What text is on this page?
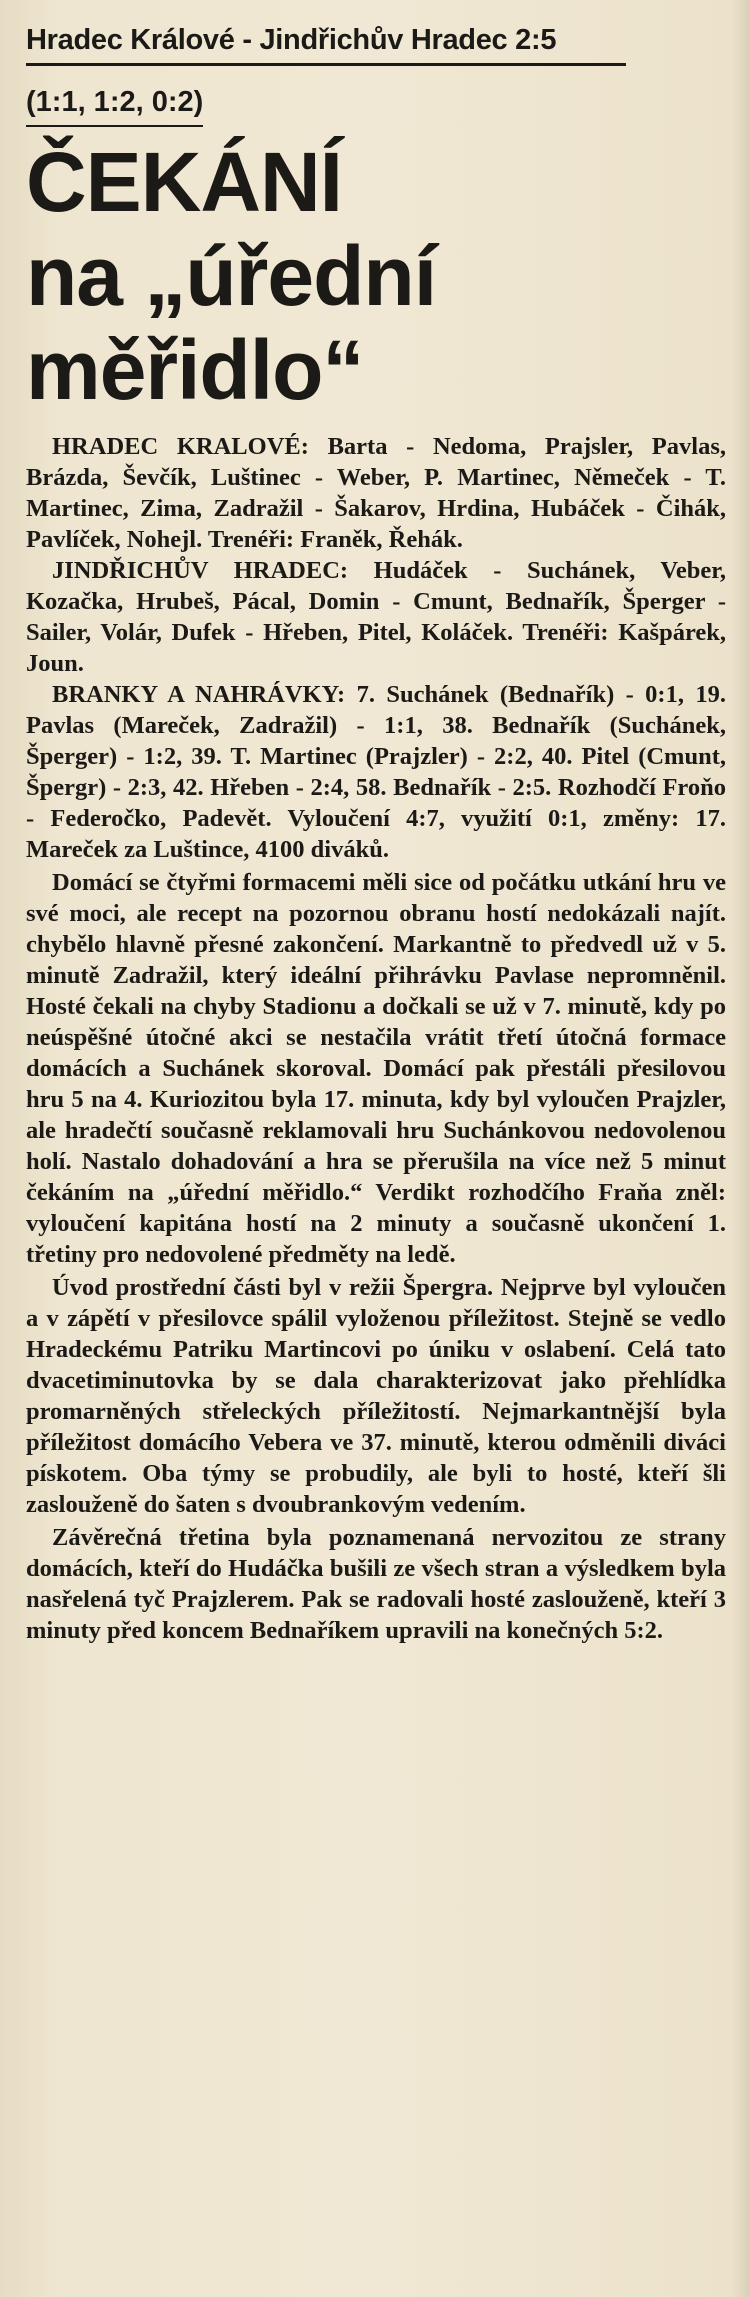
Hradec Králové - Jindřichův Hradec 2:5
(1:1, 1:2, 0:2)
ČEKÁNÍ
na „úřední
měřidlo“

HRADEC KRALOVÉ: Barta - Nedoma, Prajsler, Pavlas, Brázda, Ševčík, Luštinec - Weber, P. Martinec, Němeček - T. Martinec, Zima, Zadražil - Šakarov, Hrdina, Hubáček - Čihák, Pavlíček, Nohejl. Trenéři: Franěk, Řehák.

JINDŘICHŮV HRADEC: Hudáček - Suchánek, Veber, Kozačka, Hrubeš, Pácal, Domin - Cmunt, Bednařík, Šperger - Sailer, Volár, Dufek - Hřeben, Pitel, Koláček. Trenéři: Kašpárek, Joun.

BRANKY A NAHRÁVKY: 7. Suchánek (Bednařík) - 0:1, 19. Pavlas (Mareček, Zadražil) - 1:1, 38. Bednařík (Suchánek, Šperger) - 1:2, 39. T. Martinec (Prajzler) - 2:2, 40. Pitel (Cmunt, Špergr) - 2:3, 42. Hřeben - 2:4, 58. Bednařík - 2:5. Rozhodčí Froňo - Federočko, Padevět. Vyloučení 4:7, využití 0:1, změny: 17. Mareček za Luštince, 4100 diváků.

Domácí se čtyřmi formacemi měli sice od počátku utkání hru ve své moci, ale recept na pozornou obranu hostí nedokázali najít. chybělo hlavně přesné zakončení. Markantně to předvedl už v 5. minutě Zadražil, který ideální přihrávku Pavlase nepromněnil. Hosté čekali na chyby Stadionu a dočkali se už v 7. minutě, kdy po neúspěšné útočné akci se nestačila vrátit třetí útočná formace domácích a Suchánek skoroval. Domácí pak přestáli přesilovou hru 5 na 4. Kuriozitou byla 17. minuta, kdy byl vyloučen Prajzler, ale hradečtí současně reklamovali hru Suchánkovou nedovolenou holí. Nastalo dohadování a hra se přerušila na více než 5 minut čekáním na „úřední měřidlo.“ Verdikt rozhodčího Fraňa zněl: vyloučení kapitána hostí na 2 minuty a současně ukončení 1. třetiny pro nedovolené předměty na ledě.

Úvod prostřední části byl v režii Špergra. Nejprve byl vyloučen a v zápětí v přesilovce spálil vyloženou příležitost. Stejně se vedlo Hradeckému Patriku Martincovi po úniku v oslabení. Celá tato dvacetiminutovka by se dala charakterizovat jako přehlídka promarněných střeleckých příležitostí. Nejmarkantnější byla příležitost domácího Vebera ve 37. minutě, kterou odměnili diváci pískotem. Oba týmy se probudily, ale byli to hosté, kteří šli zaslouženě do šaten s dvoubrankovým vedením.

Závěrečná třetina byla poznamenaná nervozitou ze strany domácích, kteří do Hudáčka bušili ze všech stran a výsledkem byla nasřelená tyč Prajzlerem. Pak se radovali hosté zaslouženě, kteří 3 minuty před koncem Bednaříkem upravili na konečných 5:2.
